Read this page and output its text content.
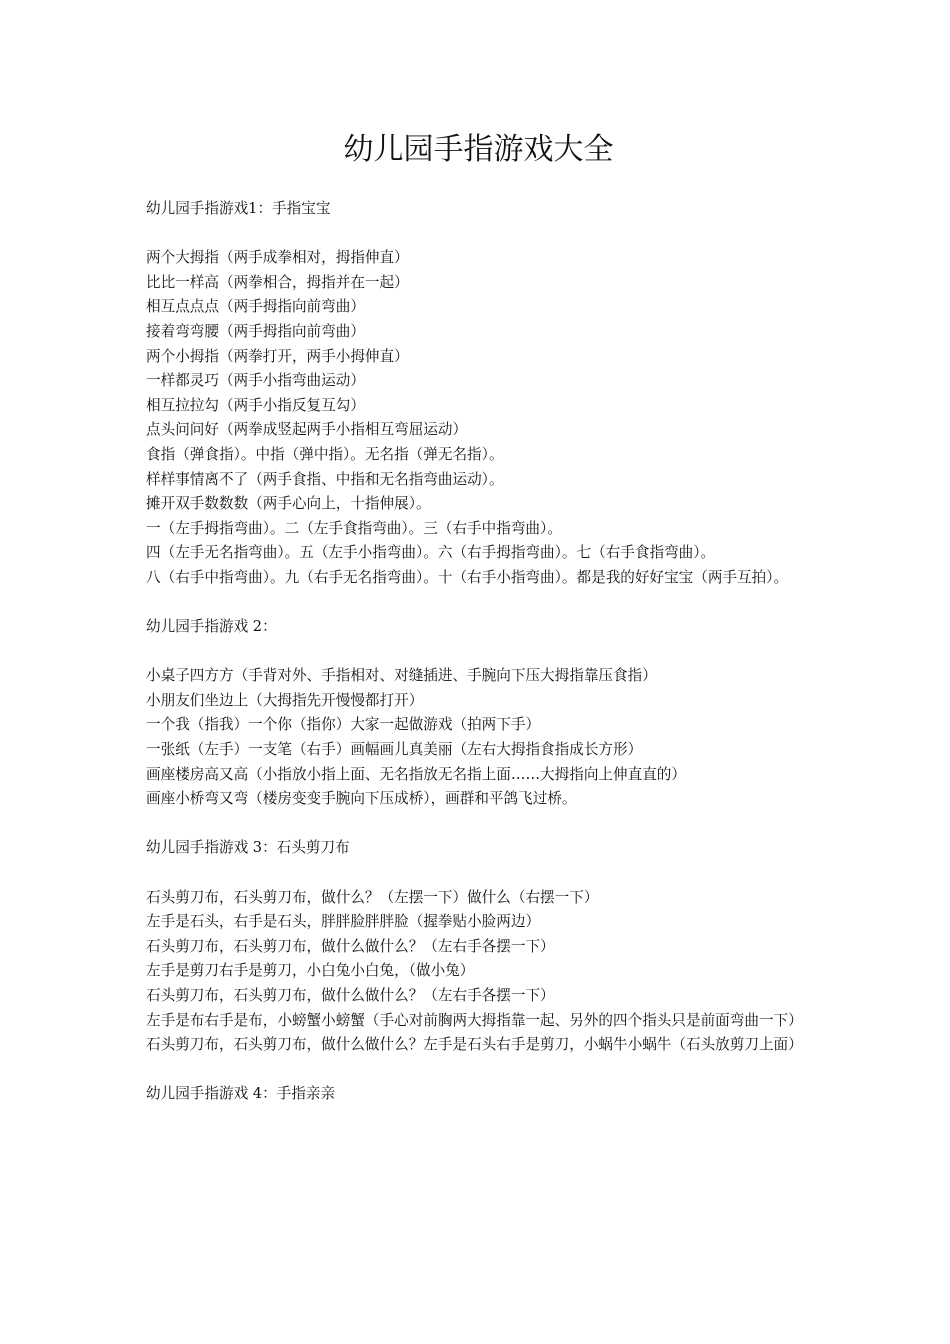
幼儿园手指游戏大全

幼儿园手指游戏1：手指宝宝

两个大拇指（两手成拳相对，拇指伸直）

比比一样高（两拳相合，拇指并在一起）

相互点点点（两手拇指向前弯曲）

接着弯弯腰（两手拇指向前弯曲）

两个小拇指（两拳打开，两手小拇伸直）

一样都灵巧（两手小指弯曲运动）

相互拉拉勾（两手小指反复互勾）

点头问问好（两拳成竖起两手小指相互弯屈运动）

食指（弹食指）。中指（弹中指）。无名指（弹无名指）。

样样事情离不了（两手食指、中指和无名指弯曲运动）。

摊开双手数数数（两手心向上，十指伸展）。

一（左手拇指弯曲）。二（左手食指弯曲）。三（右手中指弯曲）。

四（左手无名指弯曲）。五（左手小指弯曲）。六（右手拇指弯曲）。七（右手食指弯曲）。

八（右手中指弯曲）。九（右手无名指弯曲）。十（右手小指弯曲）。都是我的好好宝宝（两手互拍）。

幼儿园手指游戏 2：

小桌子四方方（手背对外、手指相对、对缝插进、手腕向下压大拇指靠压食指）

小朋友们坐边上（大拇指先开慢慢都打开）

一个我（指我）一个你（指你）大家一起做游戏（拍两下手）

一张纸（左手）一支笔（右手）画幅画儿真美丽（左右大拇指食指成长方形）

画座楼房高又高（小指放小指上面、无名指放无名指上面……大拇指向上伸直直的）

画座小桥弯又弯（楼房变变手腕向下压成桥），画群和平鸽飞过桥。

幼儿园手指游戏 3：石头剪刀布

石头剪刀布，石头剪刀布，做什么？（左摆一下）做什么（右摆一下）

左手是石头，右手是石头，胖胖脸胖胖脸（握拳贴小脸两边）

石头剪刀布，石头剪刀布，做什么做什么？（左右手各摆一下）

左手是剪刀右手是剪刀，小白兔小白兔，（做小兔）

石头剪刀布，石头剪刀布，做什么做什么？（左右手各摆一下）

左手是布右手是布，小螃蟹小螃蟹（手心对前胸两大拇指靠一起、另外的四个指头只是前面弯曲一下）

石头剪刀布，石头剪刀布，做什么做什么？左手是石头右手是剪刀，小蜗牛小蜗牛（石头放剪刀上面）

幼儿园手指游戏 4：手指亲亲
